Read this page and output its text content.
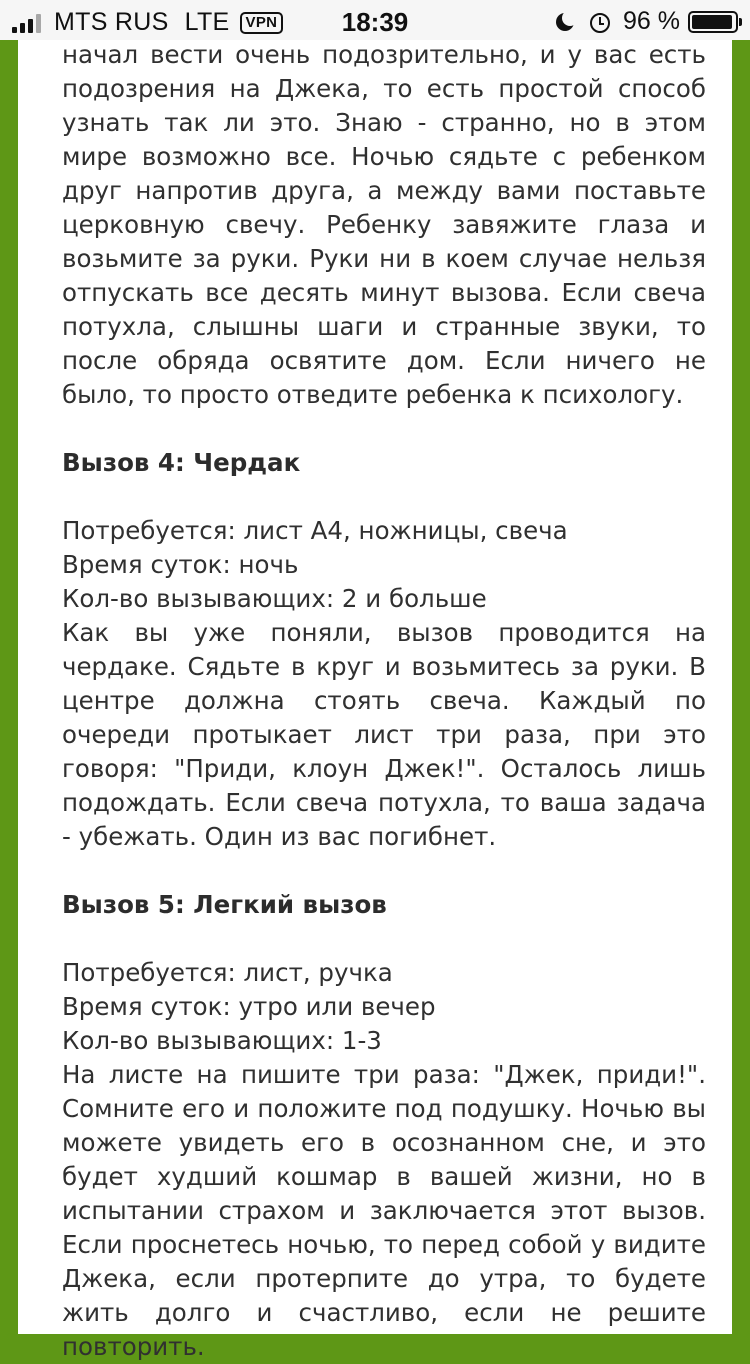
MTS RUS LTE	VPN	18:39	96 %

начал вести очень подозрительно, и у вас есть подозрения на Джека, то есть простой способ узнать так ли это. Знаю - странно, но в этом мире возможно все. Ночью сядьте с ребенком друг напротив друга, а между вами поставьте церковную свечу. Ребенку завяжите глаза и возьмите за руки. Руки ни в коем случае нельзя отпускать все десять минут вызова. Если свеча потухла, слышны шаги и странные звуки, то после обряда освятите дом. Если ничего не было, то просто отведите ребенка к психологу.

Вызов 4: Чердак
Потребуется: лист А4, ножницы, свеча
Время суток: ночь
Кол-во вызывающих: 2 и больше

Как вы уже поняли, вызов проводится на чердаке. Сядьте в круг и возьмитесь за руки. В центре должна стоять свеча. Каждый по очереди протыкает лист три раза, при это говоря: "Приди, клоун Джек!". Осталось лишь подождать. Если свеча потухла, то ваша задача - убежать. Один из вас погибнет.

Вызов 5: Легкий вызов
Потребуется: лист, ручка
Время суток: утро или вечер
Кол-во вызывающих: 1-3

На листе на пишите три раза: "Джек, приди!". Сомните его и положите под подушку. Ночью вы можете увидеть его в осознанном сне, и это будет худший кошмар в вашей жизни, но в испытании страхом и заключается этот вызов. Если проснетесь ночью, то перед собой у видите Джека, если протерпите до утра, то будете жить долго и счастливо, если не решите повторить.
